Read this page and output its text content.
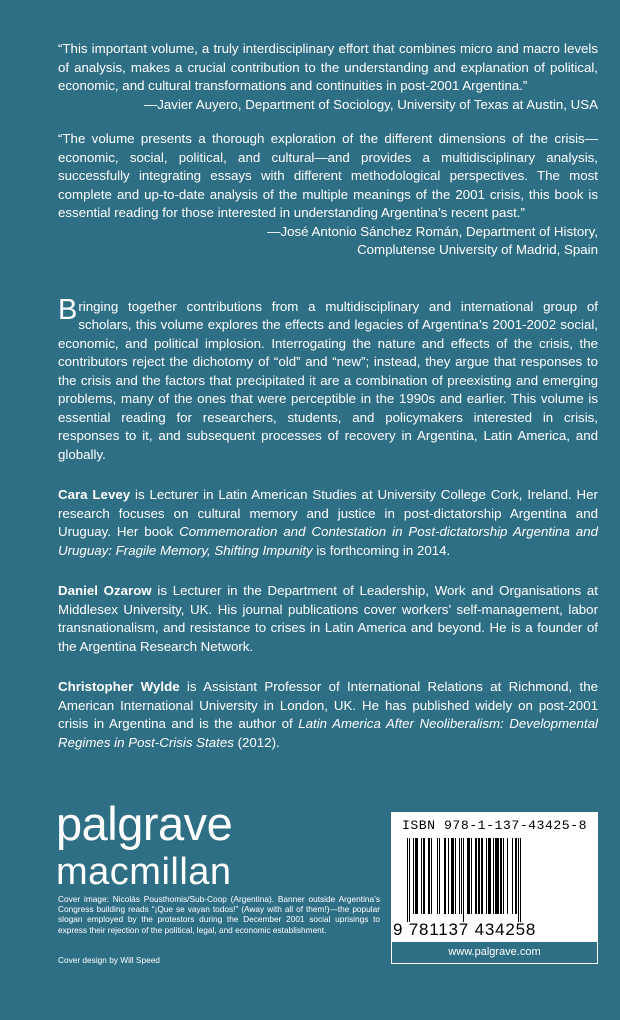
“This important volume, a truly interdisciplinary effort that combines micro and macro levels of analysis, makes a crucial contribution to the understanding and explanation of political, economic, and cultural transformations and continuities in post-2001 Argentina.”

—Javier Auyero, Department of Sociology, University of Texas at Austin, USA

“The volume presents a thorough exploration of the different dimensions of the crisis—economic, social, political, and cultural—and provides a multidisciplinary analysis, successfully integrating essays with different methodological perspectives. The most complete and up-to-date analysis of the multiple meanings of the 2001 crisis, this book is essential reading for those interested in understanding Argentina’s recent past.”

—José Antonio Sánchez Román, Department of History,

Complutense University of Madrid, Spain

Bringing together contributions from a multidisciplinary and international group of scholars, this volume explores the effects and legacies of Argentina’s 2001-2002 social, economic, and political implosion. Interrogating the nature and effects of the crisis, the contributors reject the dichotomy of “old” and “new”; instead, they argue that responses to the crisis and the factors that precipitated it are a combination of preexisting and emerging problems, many of the ones that were perceptible in the 1990s and earlier. This volume is essential reading for researchers, students, and policymakers interested in crisis, responses to it, and subsequent processes of recovery in Argentina, Latin America, and globally.

Cara Levey is Lecturer in Latin American Studies at University College Cork, Ireland. Her research focuses on cultural memory and justice in post-dictatorship Argentina and Uruguay. Her book Commemoration and Contestation in Post-dictatorship Argentina and Uruguay: Fragile Memory, Shifting Impunity is forthcoming in 2014.

Daniel Ozarow is Lecturer in the Department of Leadership, Work and Organisations at Middlesex University, UK. His journal publications cover workers’ self-management, labor transnationalism, and resistance to crises in Latin America and beyond. He is a founder of the Argentina Research Network.

Christopher Wylde is Assistant Professor of International Relations at Richmond, the American International University in London, UK. He has published widely on post-2001 crisis in Argentina and is the author of Latin America After Neoliberalism: Developmental Regimes in Post-Crisis States (2012).

palgrave
macmillan

Cover image: Nicolás Pousthomis/Sub-Coop (Argentina). Banner outside Argentina’s Congress building reads “¡Que se vayan todos!” (Away with all of them!)—the popular slogan employed by the protestors during the December 2001 social uprisings to express their rejection of the political, legal, and economic establishment.

Cover design by Will Speed

ISBN 978-1-137-43425-8
9 781137 434258
www.palgrave.com
